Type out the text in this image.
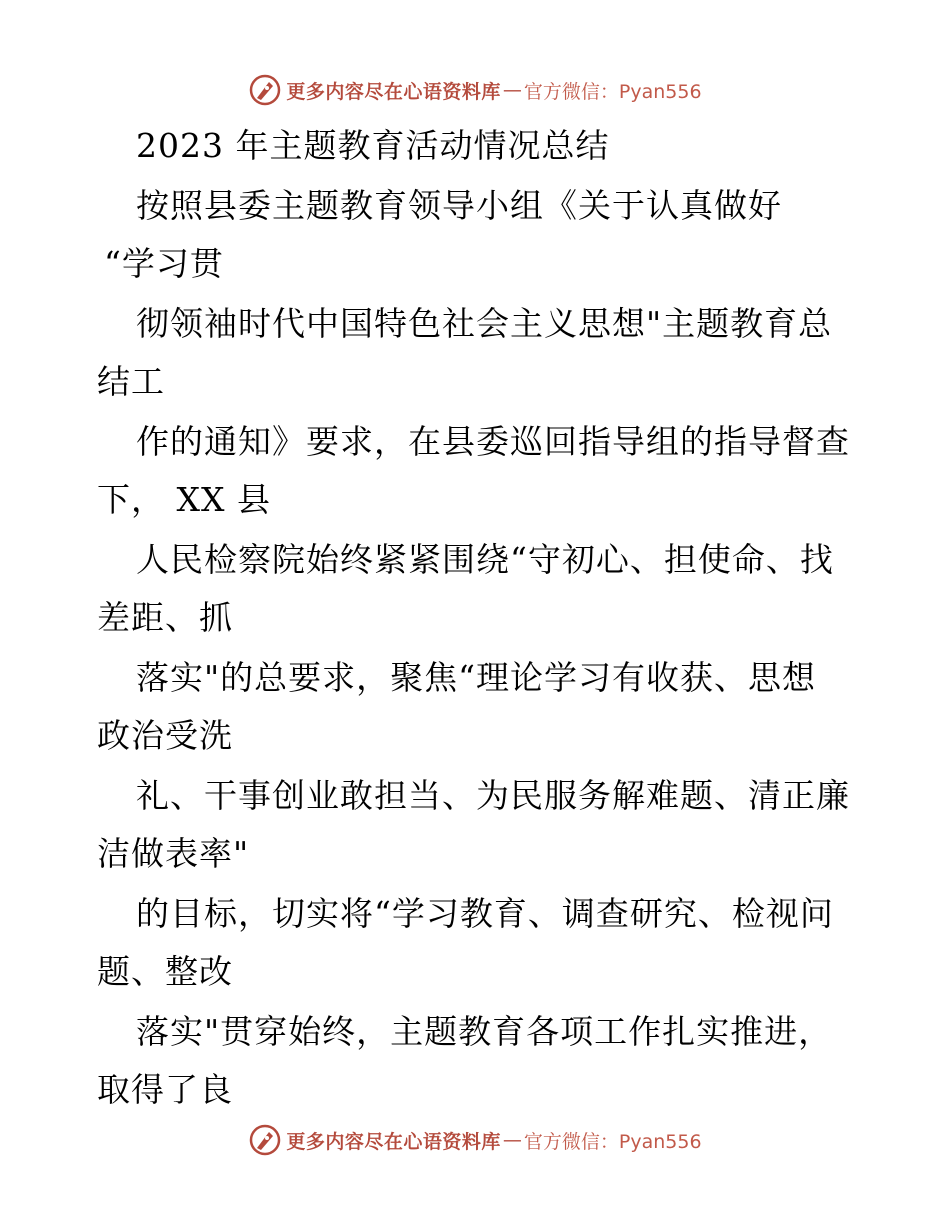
更多内容尽在心语资料库 — 官方微信：Pyan556
2023 年主题教育活动情况总结
按照县委主题教育领导小组《关于认真做好
“学习贯
彻领袖时代中国特色社会主义思想"主题教育总
结工
作的通知》要求，在县委巡回指导组的指导督查
下， XX 县
人民检察院始终紧紧围绕“守初心、担使命、找
差距、抓
落实"的总要求，聚焦“理论学习有收获、思想
政治受洗
礼、干事创业敢担当、为民服务解难题、清正廉
洁做表率"
的目标，切实将“学习教育、调查研究、检视问
题、整改
落实"贯穿始终，主题教育各项工作扎实推进，
取得了良
更多内容尽在心语资料库 — 官方微信：Pyan556
